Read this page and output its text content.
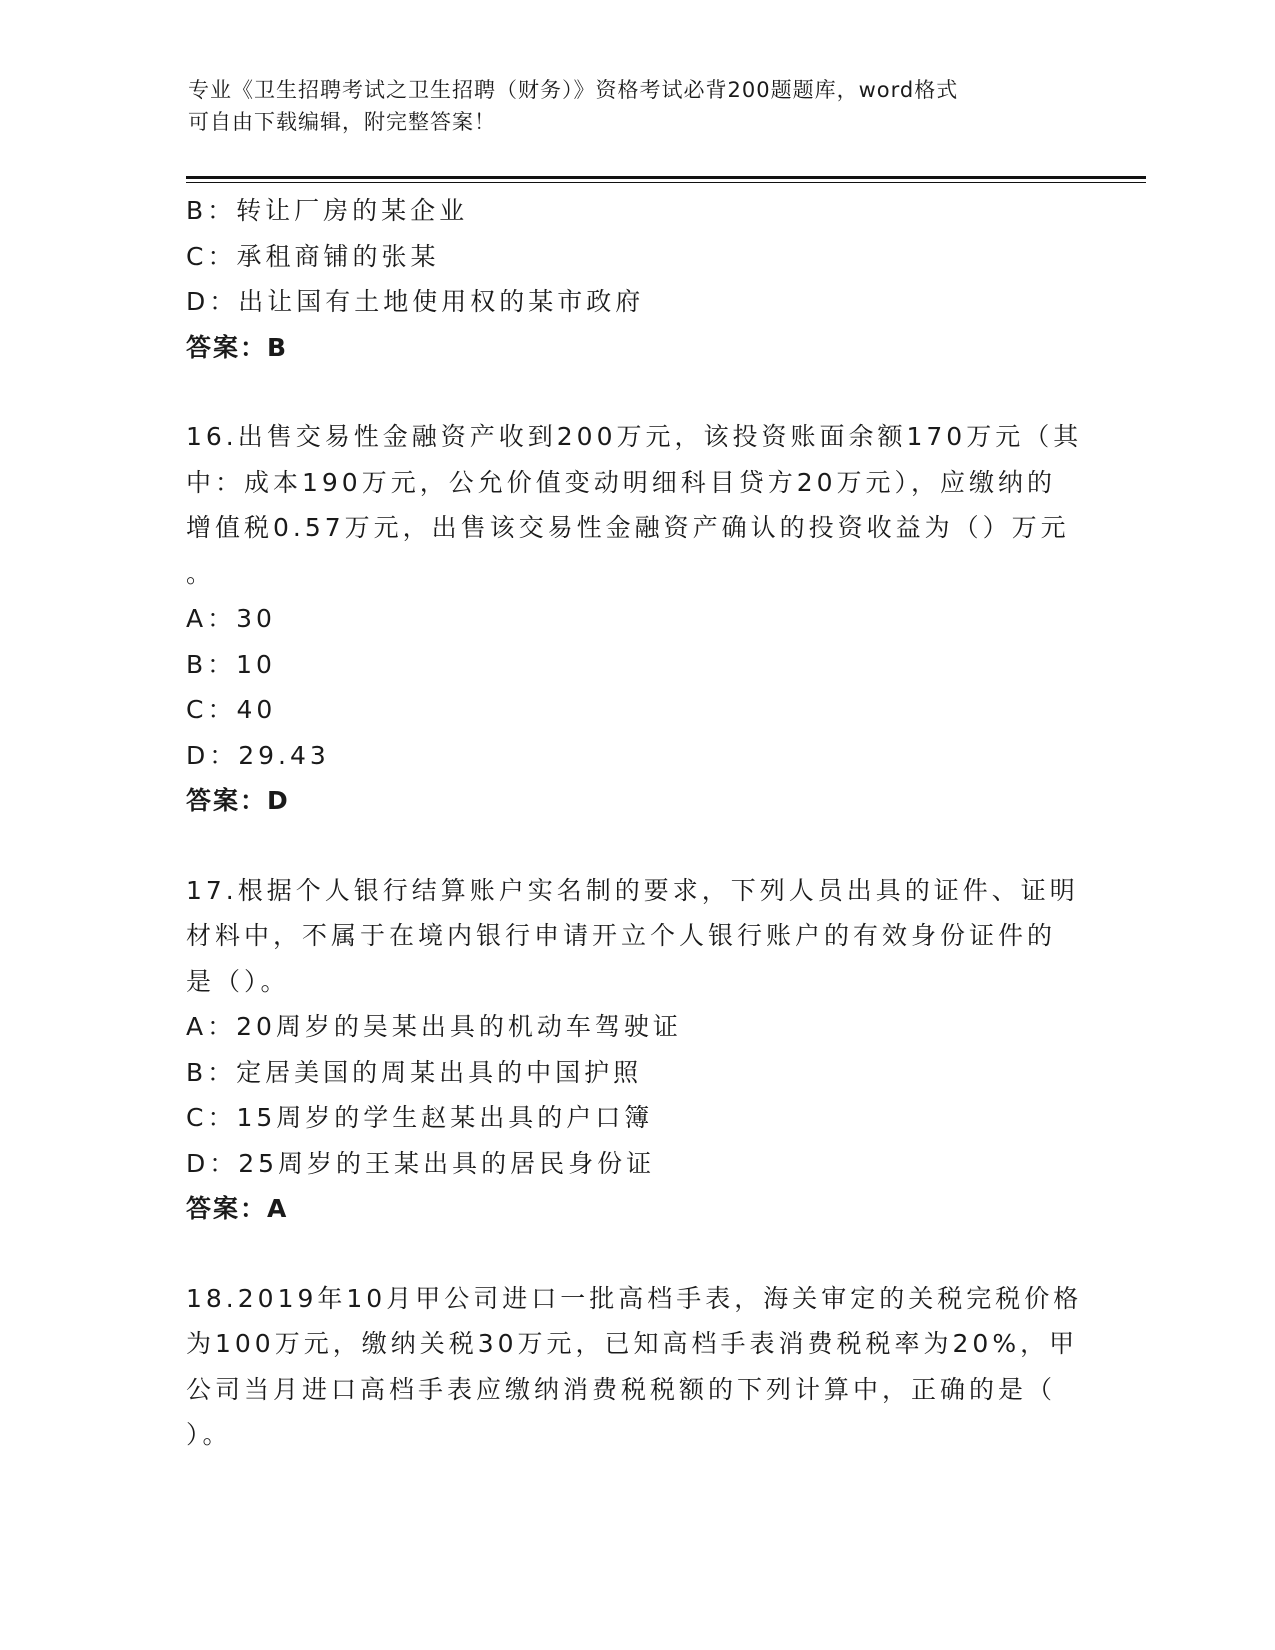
专业《卫生招聘考试之卫生招聘（财务）》资格考试必背200题题库，word格式
可自由下载编辑，附完整答案！
B：转让厂房的某企业
C：承租商铺的张某
D：出让国有土地使用权的某市政府
答案：B
16.出售交易性金融资产收到200万元，该投资账面余额170万元（其
中：成本190万元，公允价值变动明细科目贷方20万元），应缴纳的
增值税0.57万元，出售该交易性金融资产确认的投资收益为（）万元
。
A：30
B：10
C：40
D：29.43
答案：D
17.根据个人银行结算账户实名制的要求，下列人员出具的证件、证明
材料中，不属于在境内银行申请开立个人银行账户的有效身份证件的
是（）。
A：20周岁的吴某出具的机动车驾驶证
B：定居美国的周某出具的中国护照
C：15周岁的学生赵某出具的户口簿
D：25周岁的王某出具的居民身份证
答案：A
18.2019年10月甲公司进口一批高档手表，海关审定的关税完税价格
为100万元，缴纳关税30万元，已知高档手表消费税税率为20%，甲
公司当月进口高档手表应缴纳消费税税额的下列计算中，正确的是（
）。
